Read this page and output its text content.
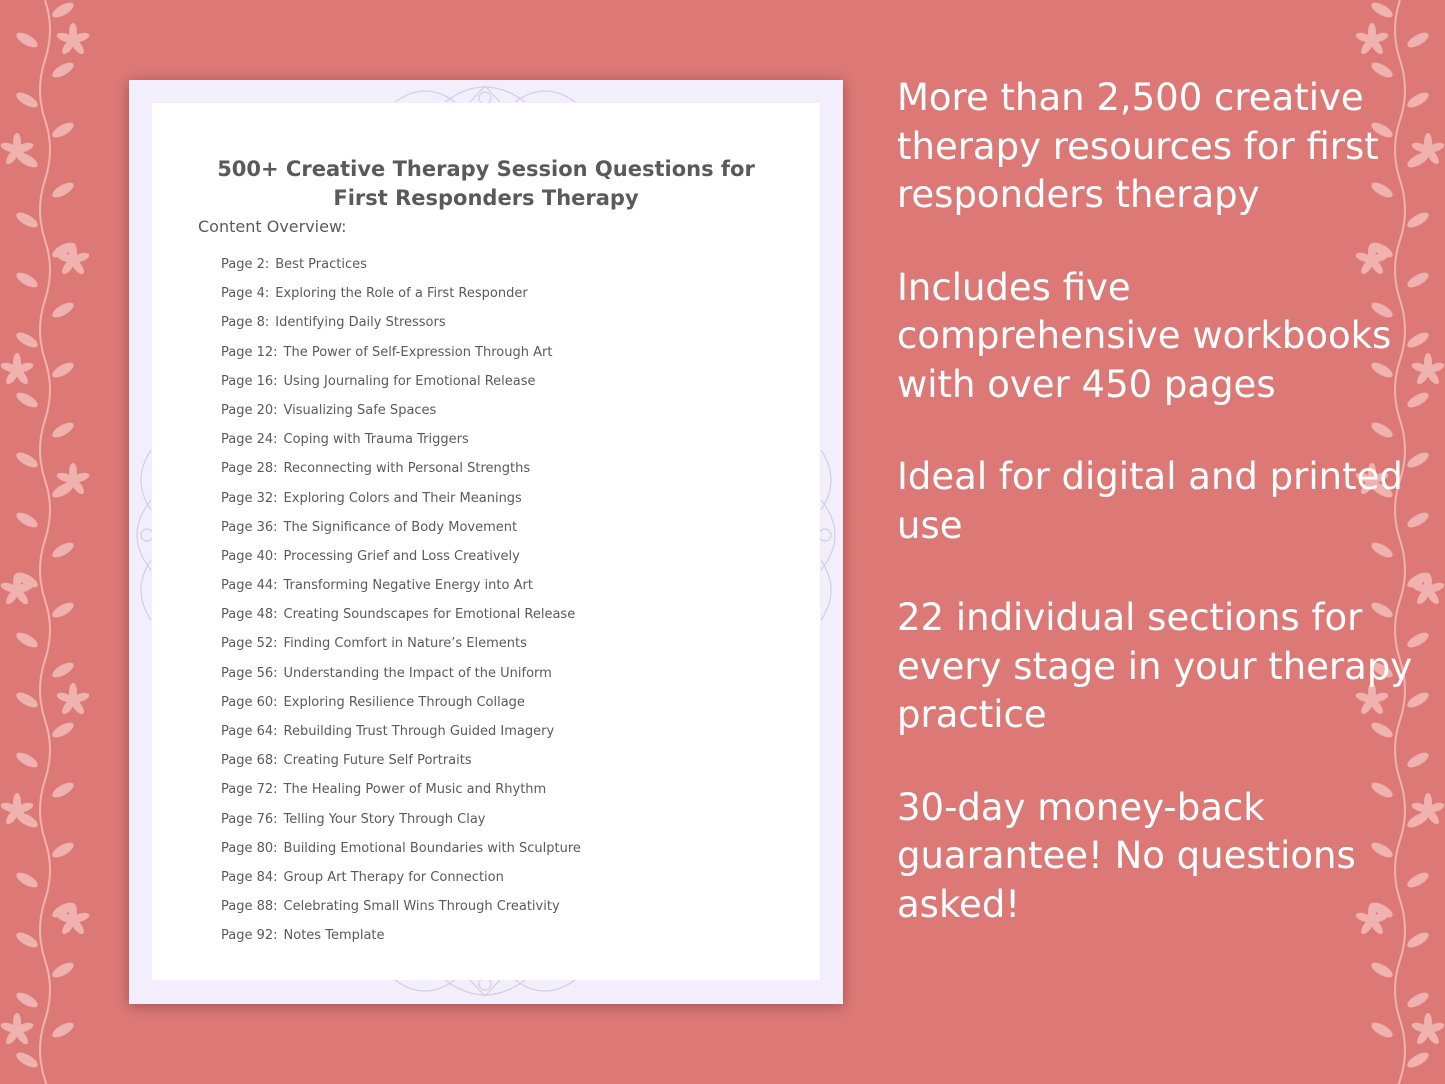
500+ Creative Therapy Session Questions for
First Responders Therapy

Content Overview:

Page 2: Best Practices
Page 4: Exploring the Role of a First Responder
Page 8: Identifying Daily Stressors
Page 12: The Power of Self-Expression Through Art
Page 16: Using Journaling for Emotional Release
Page 20: Visualizing Safe Spaces
Page 24: Coping with Trauma Triggers
Page 28: Reconnecting with Personal Strengths
Page 32: Exploring Colors and Their Meanings
Page 36: The Significance of Body Movement
Page 40: Processing Grief and Loss Creatively
Page 44: Transforming Negative Energy into Art
Page 48: Creating Soundscapes for Emotional Release
Page 52: Finding Comfort in Nature’s Elements
Page 56: Understanding the Impact of the Uniform
Page 60: Exploring Resilience Through Collage
Page 64: Rebuilding Trust Through Guided Imagery
Page 68: Creating Future Self Portraits
Page 72: The Healing Power of Music and Rhythm
Page 76: Telling Your Story Through Clay
Page 80: Building Emotional Boundaries with Sculpture
Page 84: Group Art Therapy for Connection
Page 88: Celebrating Small Wins Through Creativity
Page 92: Notes Template

More than 2,500 creative therapy resources for first responders therapy

Includes five comprehensive workbooks with over 450 pages

Ideal for digital and printed use

22 individual sections for every stage in your therapy practice

30-day money-back guarantee! No questions asked!
